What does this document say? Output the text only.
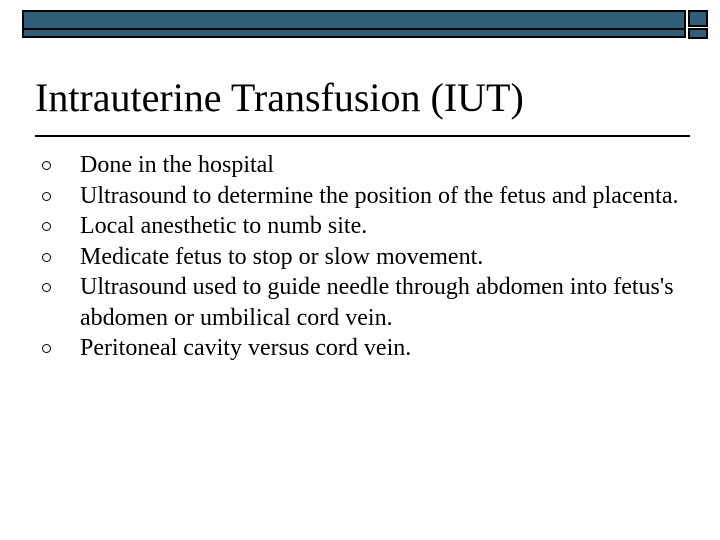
Intrauterine Transfusion (IUT)
Done in the hospital
Ultrasound to determine the position of the fetus and placenta.
Local anesthetic to numb site.
Medicate fetus to stop or slow movement.
Ultrasound used to guide needle through abdomen into fetus's abdomen or umbilical cord vein.
Peritoneal cavity versus cord vein.
